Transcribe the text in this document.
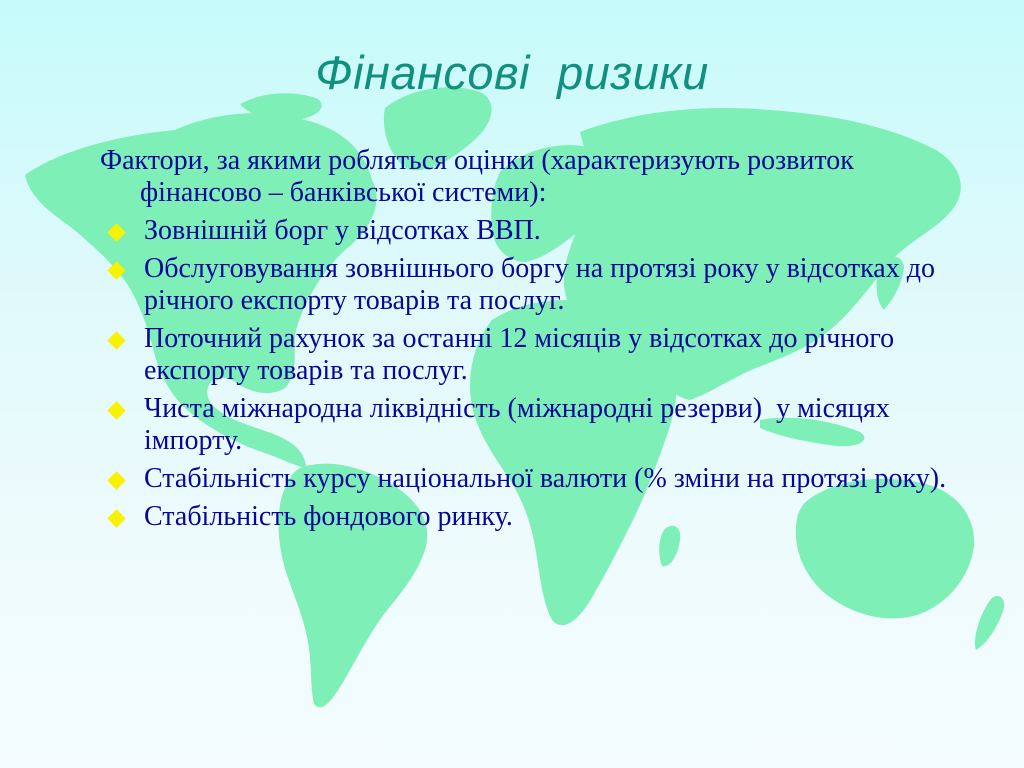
Фінансові  ризики
Фактори, за якими робляться оцінки (характеризують розвиток фінансово – банківської системи):
Зовнішній борг у відсотках ВВП.
Обслуговування зовнішнього боргу на протязі року у відсотках до річного експорту товарів та послуг.
Поточний рахунок за останні 12 місяців у відсотках до річного експорту товарів та послуг.
Чиста міжнародна ліквідність (міжнародні резерви)  у місяцях імпорту.
Стабільність курсу національної валюти (% зміни на протязі року).
Стабільність фондового ринку.
